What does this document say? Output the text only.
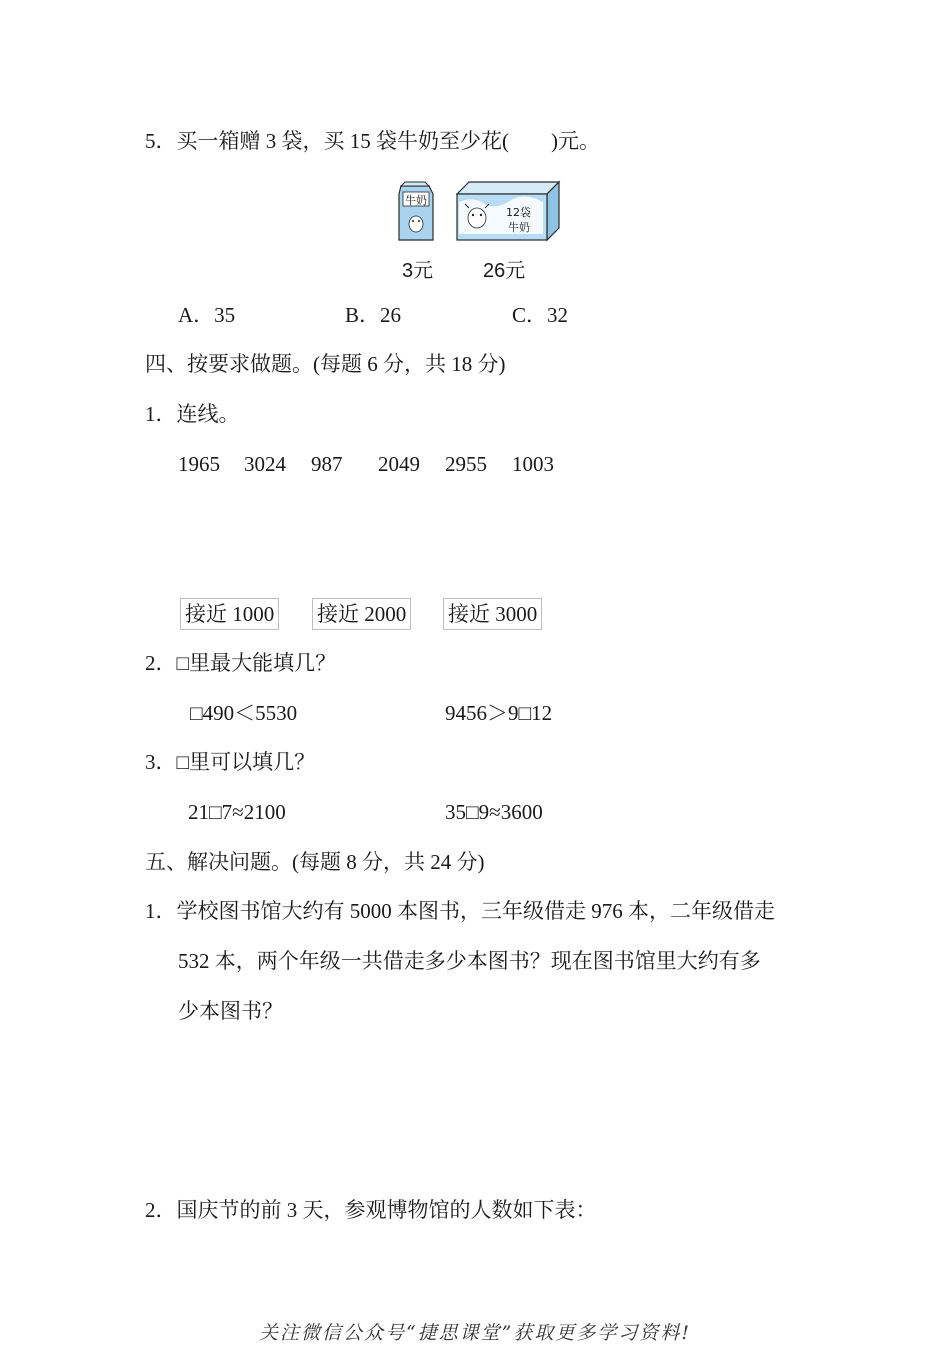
5．买一箱赠 3 袋，买 15 袋牛奶至少花(　　)元。
牛奶
12袋
牛奶
3元 26元
A．35	B．26	C．32
四、按要求做题。(每题 6 分，共 18 分)
1．连线。
1965 3024 987 2049 2955 1003
接近 1000 接近 2000 接近 3000
2．□里最大能填几？
□490＜5530	9456＞9□12
3．□里可以填几？
21□7≈2100	35□9≈3600
五、解决问题。(每题 8 分，共 24 分)
1．学校图书馆大约有 5000 本图书，三年级借走 976 本，二年级借走
532 本，两个年级一共借走多少本图书？现在图书馆里大约有多
少本图书？
2．国庆节的前 3 天，参观博物馆的人数如下表：
关注微信公众号“捷思课堂”获取更多学习资料!
